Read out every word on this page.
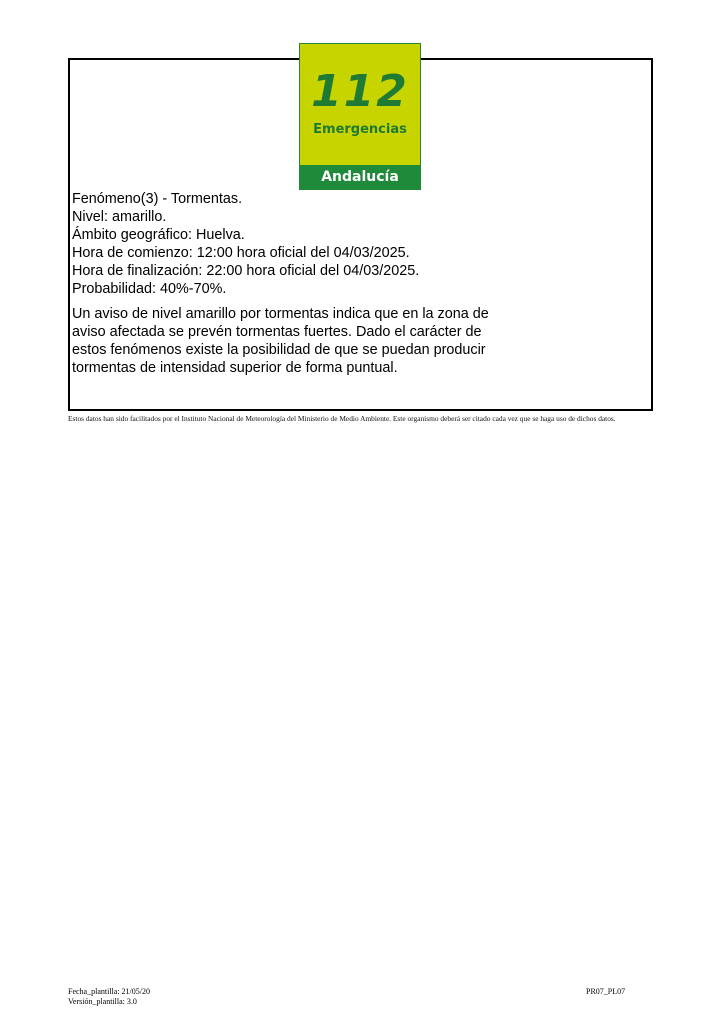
112
Emergencias
Andalucía
Fenómeno(3) - Tormentas.
Nivel: amarillo.
Ámbito geográfico: Huelva.
Hora de comienzo: 12:00 hora oficial del 04/03/2025.
Hora de finalización: 22:00 hora oficial del 04/03/2025.
Probabilidad: 40%-70%.

Un aviso de nivel amarillo por tormentas indica que en la zona de aviso afectada se prevén tormentas fuertes. Dado el carácter de estos fenómenos existe la posibilidad de que se puedan producir tormentas de intensidad superior de forma puntual.

Estos datos han sido facilitados por el Instituto Nacional de Meteorología del Ministerio de Medio Ambiente. Este organismo deberá ser citado cada vez que se haga uso de dichos datos.

Fecha_plantilla: 21/05/20
Versión_plantilla: 3.0
PR07_PL07
